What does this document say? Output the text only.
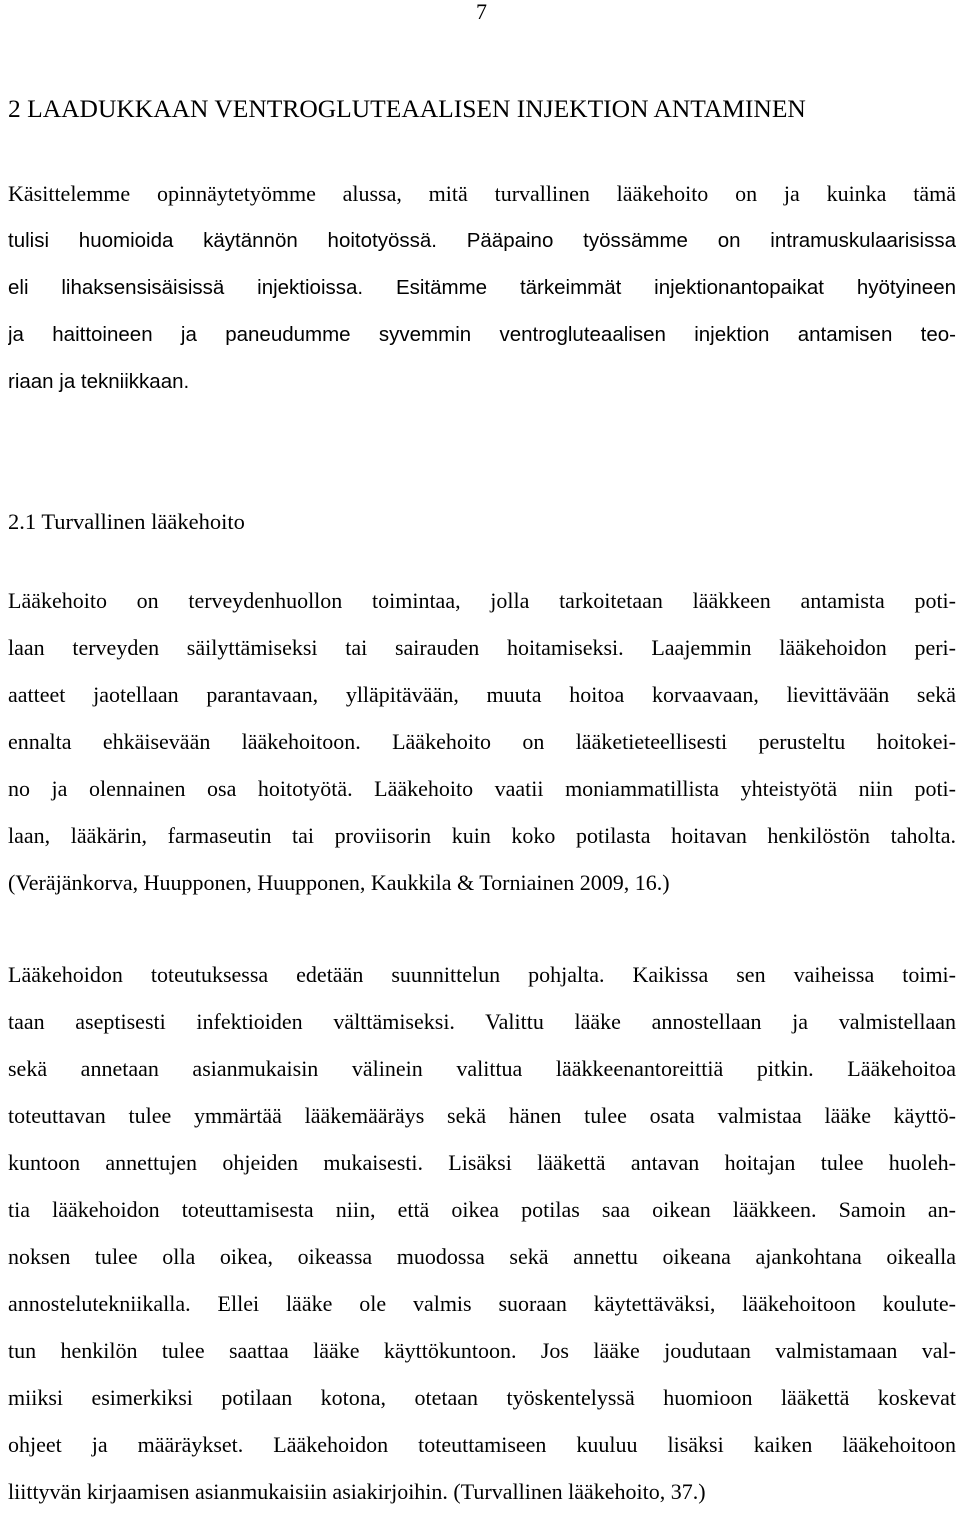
7
2 LAADUKKAAN VENTROGLUTEAALISEN INJEKTION ANTAMINEN

Käsittelemme opinnäytetyömme alussa, mitä turvallinen lääkehoito on ja kuinka tämä
tulisi huomioida käytännön hoitotyössä. Pääpaino työssämme on intramuskulaarisissa
eli lihaksensisäisissä injektioissa. Esitämme tärkeimmät injektionantopaikat hyötyineen
ja haittoineen ja paneudumme syvemmin ventrogluteaalisen injektion antamisen teo-
riaan ja tekniikkaan.

2.1 Turvallinen lääkehoito

Lääkehoito on terveydenhuollon toimintaa, jolla tarkoitetaan lääkkeen antamista poti-
laan terveyden säilyttämiseksi tai sairauden hoitamiseksi. Laajemmin lääkehoidon peri-
aatteet jaotellaan parantavaan, ylläpitävään, muuta hoitoa korvaavaan, lievittävään sekä
ennalta ehkäisevään lääkehoitoon. Lääkehoito on lääketieteellisesti perusteltu hoitokei-
no ja olennainen osa hoitotyötä. Lääkehoito vaatii moniammatillista yhteistyötä niin poti-
laan, lääkärin, farmaseutin tai proviisorin kuin koko potilasta hoitavan henkilöstön taholta.
(Veräjänkorva, Huupponen, Huupponen, Kaukkila & Torniainen 2009, 16.)

Lääkehoidon toteutuksessa edetään suunnittelun pohjalta. Kaikissa sen vaiheissa toimi-
taan aseptisesti infektioiden välttämiseksi. Valittu lääke annostellaan ja valmistellaan
sekä annetaan asianmukaisin välinein valittua lääkkeenantoreittiä pitkin. Lääkehoitoa
toteuttavan tulee ymmärtää lääkemääräys sekä hänen tulee osata valmistaa lääke käyttö-
kuntoon annettujen ohjeiden mukaisesti. Lisäksi lääkettä antavan hoitajan tulee huoleh-
tia lääkehoidon toteuttamisesta niin, että oikea potilas saa oikean lääkkeen. Samoin an-
noksen tulee olla oikea, oikeassa muodossa sekä annettu oikeana ajankohtana oikealla
annostelutekniikalla. Ellei lääke ole valmis suoraan käytettäväksi, lääkehoitoon koulute-
tun henkilön tulee saattaa lääke käyttökuntoon. Jos lääke joudutaan valmistamaan val-
miiksi esimerkiksi potilaan kotona, otetaan työskentelyssä huomioon lääkettä koskevat
ohjeet ja määräykset. Lääkehoidon toteuttamiseen kuuluu lisäksi kaiken lääkehoitoon
liittyvän kirjaamisen asianmukaisiin asiakirjoihin. (Turvallinen lääkehoito, 37.)
